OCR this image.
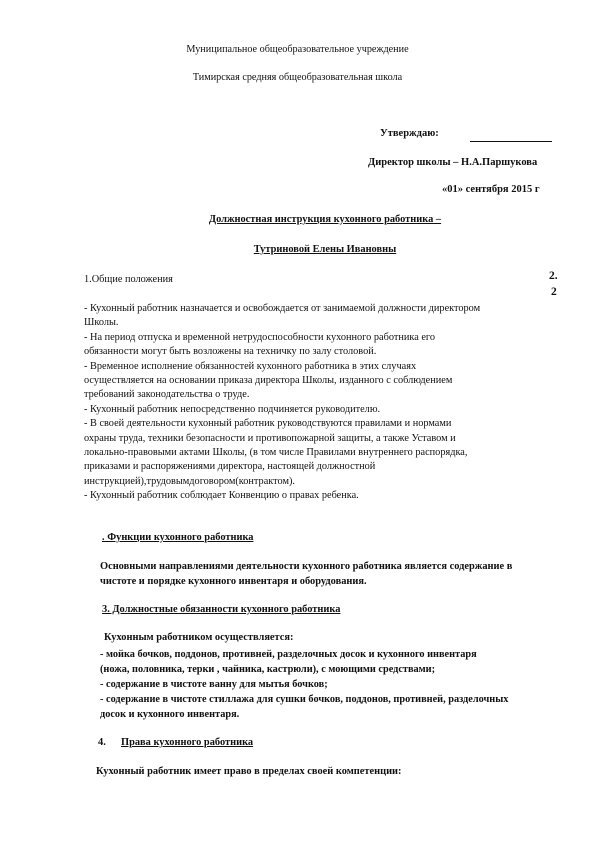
Муниципальное общеобразовательное учреждение
Тимирская средняя общеобразовательная школа
Утверждаю:
Директор школы – Н.А.Паршукова
«01» сентября 2015 г
Должностная инструкция кухонного работника –
Тутриновой Елены Ивановны
1.Общие положения	2.
2

- Кухонный работник назначается и освобождается от занимаемой должности директором

Школы.

- На период отпуска и временной нетрудоспособности кухонного работника его

обязанности могут быть возложены на техничку по залу столовой.

- Временное исполнение обязанностей кухонного работника в этих случаях

осуществляется на основании приказа директора Школы, изданного с соблюдением

требований законодательства о труде.

- Кухонный работник непосредственно подчиняется руководителю.

- В своей деятельности кухонный работник руководствуются правилами и нормами

охраны труда, техники безопасности и противопожарной защиты, а также Уставом и

локально-правовыми актами Школы, (в том числе Правилами внутреннего распорядка,

приказами и распоряжениями директора, настоящей должностной

инструкцией),трудовымдоговором(контрактом).

- Кухонный работник соблюдает Конвенцию о правах ребенка.

. Функции кухонного работника
Основными направлениями деятельности кухонного работника является содержание в
чистоте и порядке кухонного инвентаря и оборудования.
3. Должностные обязанности кухонного работника
Кухонным работником осуществляется:

- мойка бочков, поддонов, противней, разделочных досок и кухонного инвентаря

(ножа, половника, терки , чайника, кастрюли), с моющими средствами;

- содержание в чистоте ванну для мытья бочков;

- содержание в чистоте стиллажа для сушки бочков, поддонов, противней, разделочных

досок и кухонного инвентаря.

4. Права кухонного работника
Кухонный работник имеет право в пределах своей компетенции:
